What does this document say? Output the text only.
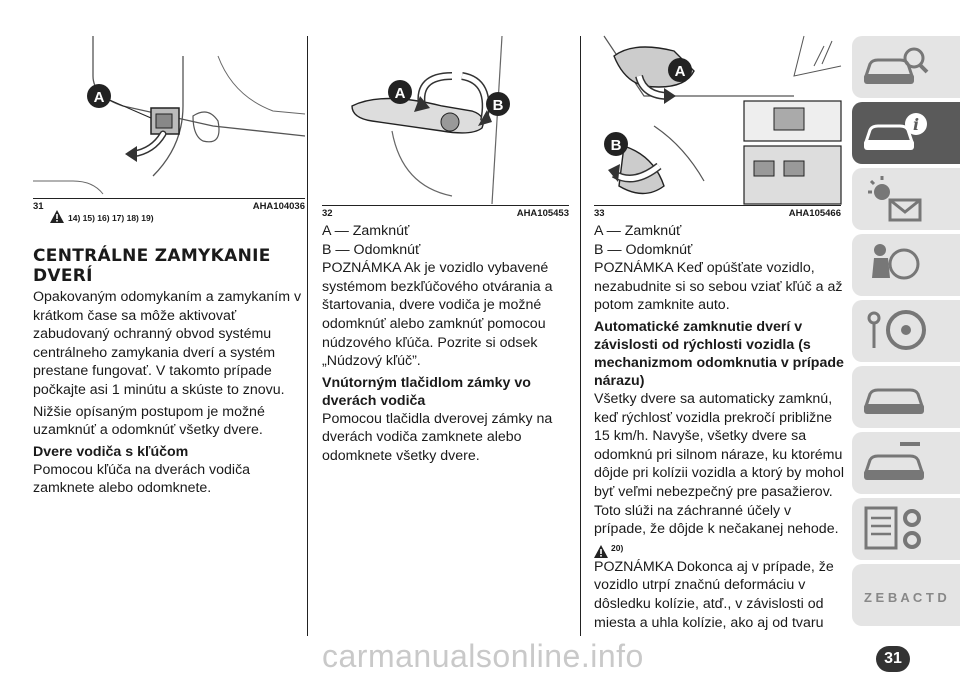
A
31	AHA104036
14) 15) 16) 17) 18) 19)
CENTRÁLNE ZAMYKANIE DVERÍ

Opakovaným odomykaním a zamykaním v krátkom čase sa môže aktivovať zabudovaný ochranný obvod systému centrálneho zamykania dverí a systém prestane fungovať. V takomto prípade počkajte asi 1 minútu a skúste to znovu.

Nižšie opísaným postupom je možné uzamknúť a odomknúť všetky dvere.

Dvere vodiča s kľúčom

Pomocou kľúča na dverách vodiča zamknete alebo odomknete.

A
B
32	AHA105453

A — Zamknúť

B — Odomknúť

POZNÁMKA Ak je vozidlo vybavené systémom bezkľúčového otvárania a štartovania, dvere vodiča je možné odomknúť alebo zamknúť pomocou núdzového kľúča. Pozrite si odsek „Núdzový kľúč”.

Vnútorným tlačidlom zámky vo dverách vodiča

Pomocou tlačidla dverovej zámky na dverách vodiča zamknete alebo odomknete všetky dvere.

A
B
33	AHA105466

A — Zamknúť

B — Odomknúť

POZNÁMKA Keď opúšťate vozidlo, nezabudnite si so sebou vziať kľúč a až potom zamknite auto.

Automatické zamknutie dverí v závislosti od rýchlosti vozidla (s mechanizmom odomknutia v prípade nárazu)

Všetky dvere sa automaticky zamknú, keď rýchlosť vozidla prekročí približne 15 km/h. Navyše, všetky dvere sa odomknú pri silnom náraze, ku ktorému dôjde pri kolízii vozidla a ktorý by mohol byť veľmi nebezpečný pre pasažierov. Toto slúži na záchranné účely v prípade, že dôjde k nečakanej nehode.

20)

POZNÁMKA Dokonca aj v prípade, že vozidlo utrpí značnú deformáciu v dôsledku kolízie, atď., v závislosti od miesta a uhla kolízie, ako aj od tvaru

i
Z E B A C T D
31
carmanualsonline.info
